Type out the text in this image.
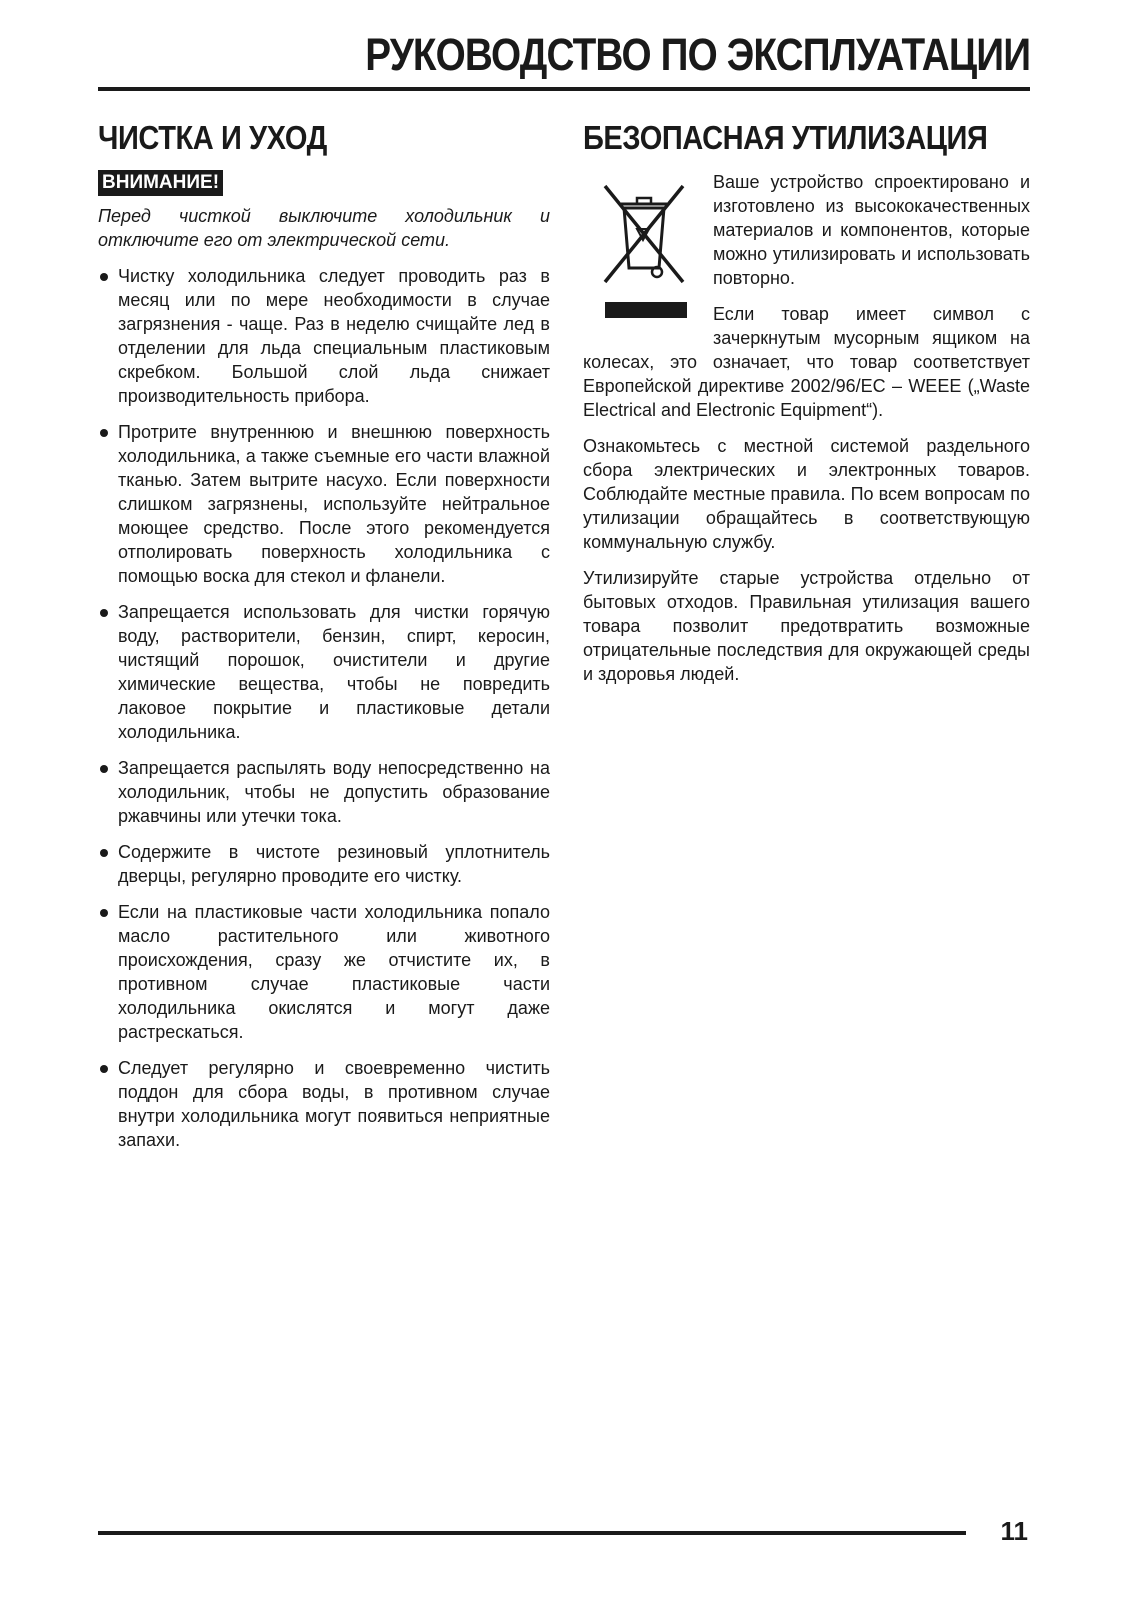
РУКОВОДСТВО ПО ЭКСПЛУАТАЦИИ
ЧИСТКА И УХОД
ВНИМАНИЕ!

Перед чисткой выключите холодильник и отключите его от электрической сети.

Чистку холодильника следует проводить раз в месяц или по мере необходимости в случае загрязнения - чаще. Раз в неделю счищайте лед в отделении для льда специальным пластиковым скребком. Большой слой льда снижает производительность прибора.
Протрите внутреннюю и внешнюю поверхность холодильника, а также съемные его части влажной тканью. Затем вытрите насухо. Если поверхности слишком загрязнены, используйте нейтральное моющее средство. После этого рекомендуется отполировать поверхность холодильника с помощью воска для стекол и фланели.
Запрещается использовать для чистки горячую воду, растворители, бензин, спирт, керосин, чистящий порошок, очистители и другие химические вещества, чтобы не повредить лаковое покрытие и пластиковые детали холодильника.
Запрещается распылять воду непосредственно на холодильник, чтобы не допустить образование ржавчины или утечки тока.
Содержите в чистоте резиновый уплотнитель дверцы, регулярно проводите его чистку.
Если на пластиковые части холодильника попало масло растительного или животного происхождения, сразу же отчистите их, в противном случае пластиковые части холодильника окислятся и могут даже растрескаться.
Следует регулярно и своевременно чистить поддон для сбора воды, в противном случае внутри холодильника могут появиться неприятные запахи.
БЕЗОПАСНАЯ УТИЛИЗАЦИЯ

Ваше устройство спроектировано и изготовлено из высококачественных материалов и компонентов, которые можно утилизировать и использовать повторно.

Если товар имеет символ с зачеркнутым мусорным ящиком на колесах, это означает, что товар соответствует Европейской директиве 2002/96/EC – WEEE („Waste Electrical and Electronic Equipment“).

Ознакомьтесь с местной системой раздельного сбора электрических и электронных товаров. Соблюдайте местные правила. По всем вопросам по утилизации обращайтесь в соответствующую коммунальную службу.

Утилизируйте старые устройства отдельно от бытовых отходов. Правильная утилизация вашего товара позволит предотвратить возможные отрицательные последствия для окружающей среды и здоровья людей.

11
